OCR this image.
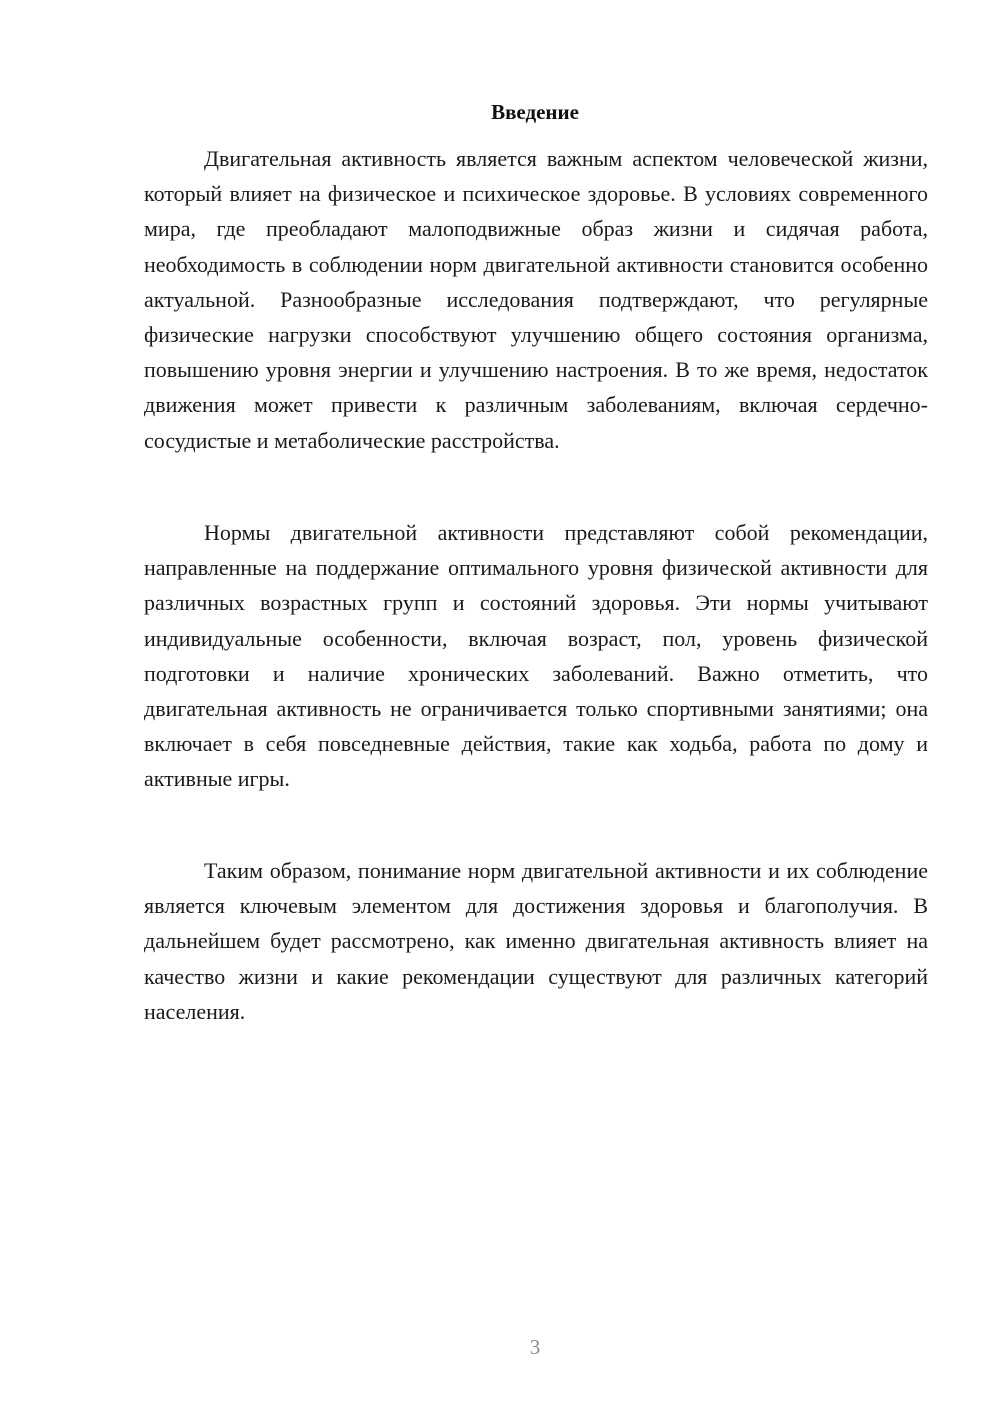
Введение

Двигательная активность является важным аспектом человеческой жизни, который влияет на физическое и психическое здоровье. В условиях современного мира, где преобладают малоподвижные образ жизни и сидячая работа, необходимость в соблюдении норм двигательной активности становится особенно актуальной. Разнообразные исследования подтверждают, что регулярные физические нагрузки способствуют улучшению общего состояния организма, повышению уровня энергии и улучшению настроения. В то же время, недостаток движения может привести к различным заболеваниям, включая сердечно-сосудистые и метаболические расстройства.

Нормы двигательной активности представляют собой рекомендации, направленные на поддержание оптимального уровня физической активности для различных возрастных групп и состояний здоровья. Эти нормы учитывают индивидуальные особенности, включая возраст, пол, уровень физической подготовки и наличие хронических заболеваний. Важно отметить, что двигательная активность не ограничивается только спортивными занятиями; она включает в себя повседневные действия, такие как ходьба, работа по дому и активные игры.

Таким образом, понимание норм двигательной активности и их соблюдение является ключевым элементом для достижения здоровья и благополучия. В дальнейшем будет рассмотрено, как именно двигательная активность влияет на качество жизни и какие рекомендации существуют для различных категорий населения.

3
